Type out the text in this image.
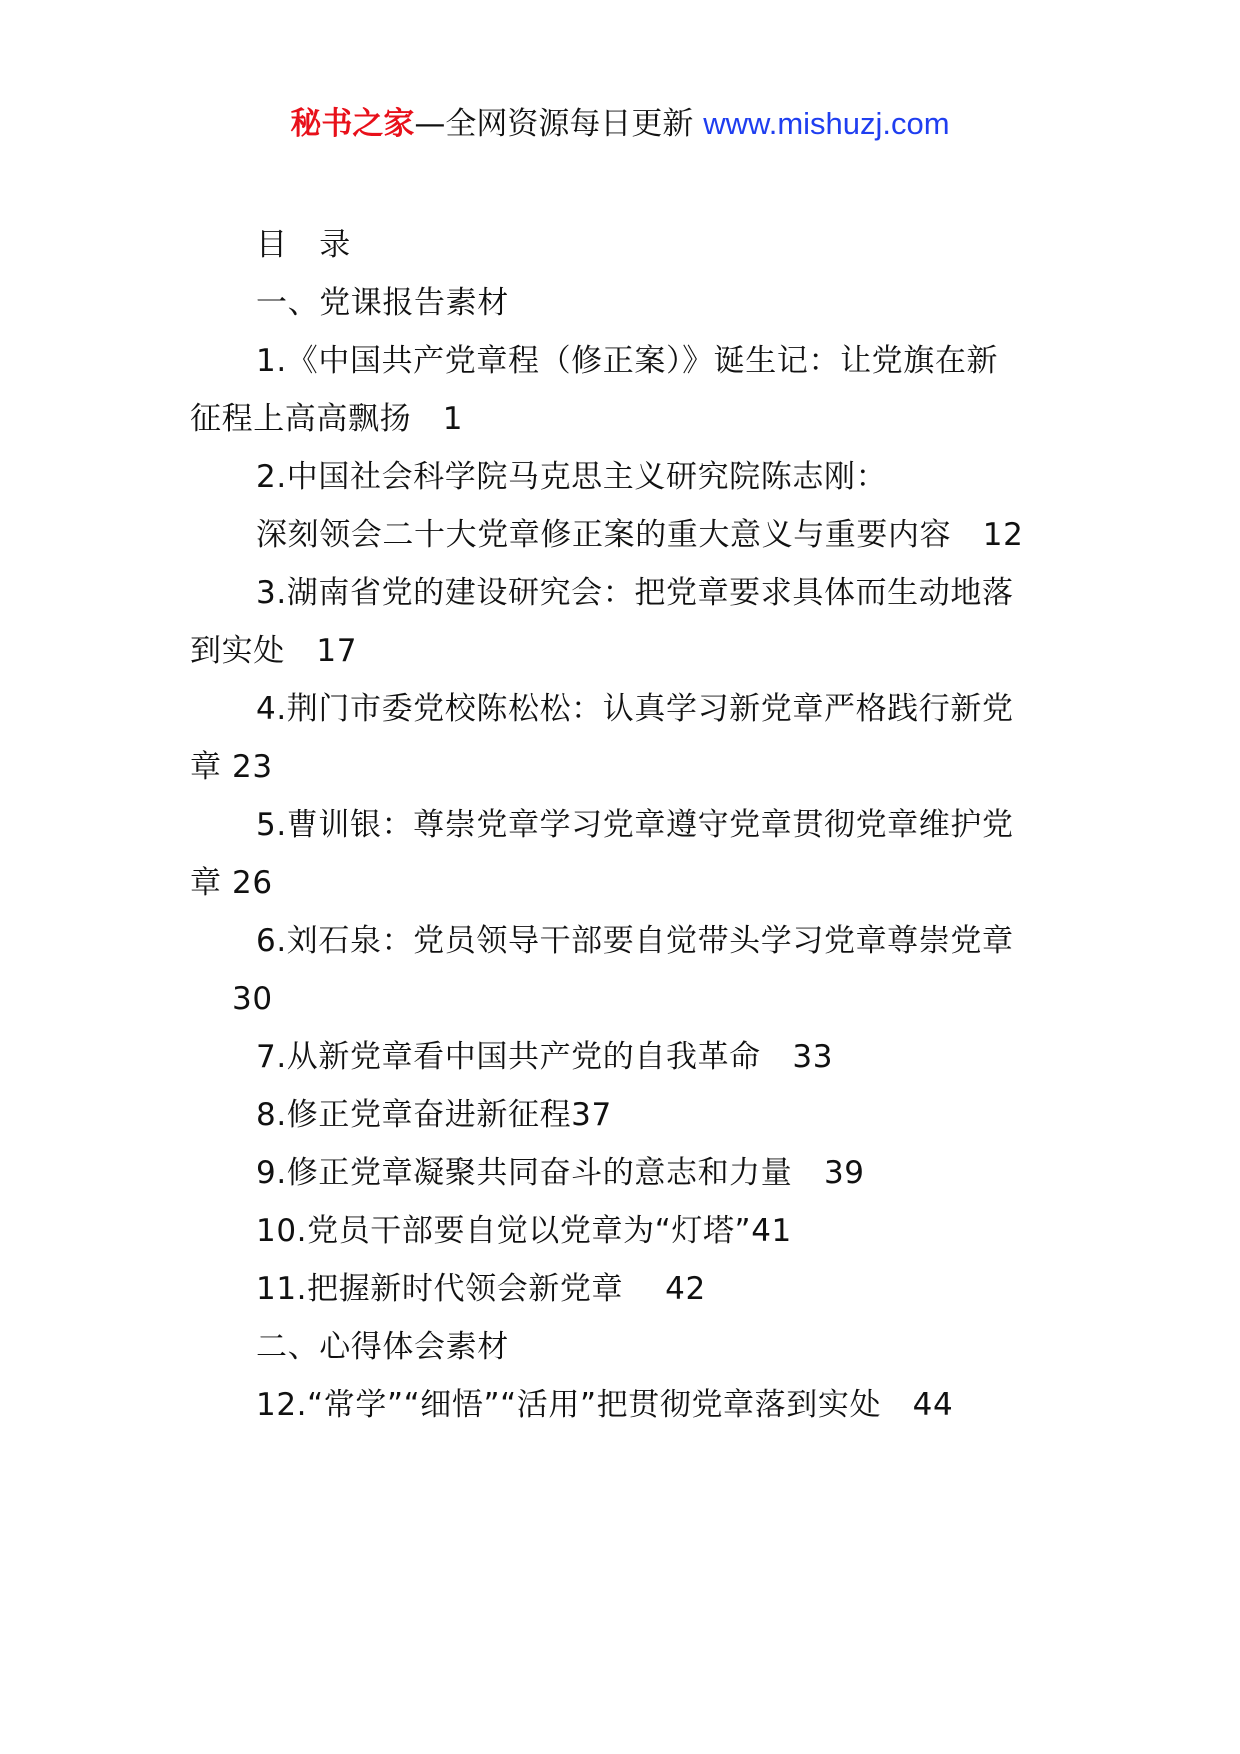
秘书之家—全网资源每日更新 www.mishuzj.com
目　录
一、党课报告素材
1.《中国共产党章程（修正案）》诞生记：让党旗在新
征程上高高飘扬　1
2.中国社会科学院马克思主义研究院陈志刚：
深刻领会二十大党章修正案的重大意义与重要内容　12
3.湖南省党的建设研究会：把党章要求具体而生动地落
到实处　17
4.荆门市委党校陈松松：认真学习新党章严格践行新党
章 23
5.曹训银：尊崇党章学习党章遵守党章贯彻党章维护党
章 26
6.刘石泉：党员领导干部要自觉带头学习党章尊崇党章
30
7.从新党章看中国共产党的自我革命　33
8.修正党章奋进新征程37
9.修正党章凝聚共同奋斗的意志和力量　39
10.党员干部要自觉以党章为“灯塔”41
11.把握新时代领会新党章　 42
二、心得体会素材
12.“常学”“细悟”“活用”把贯彻党章落到实处　44
